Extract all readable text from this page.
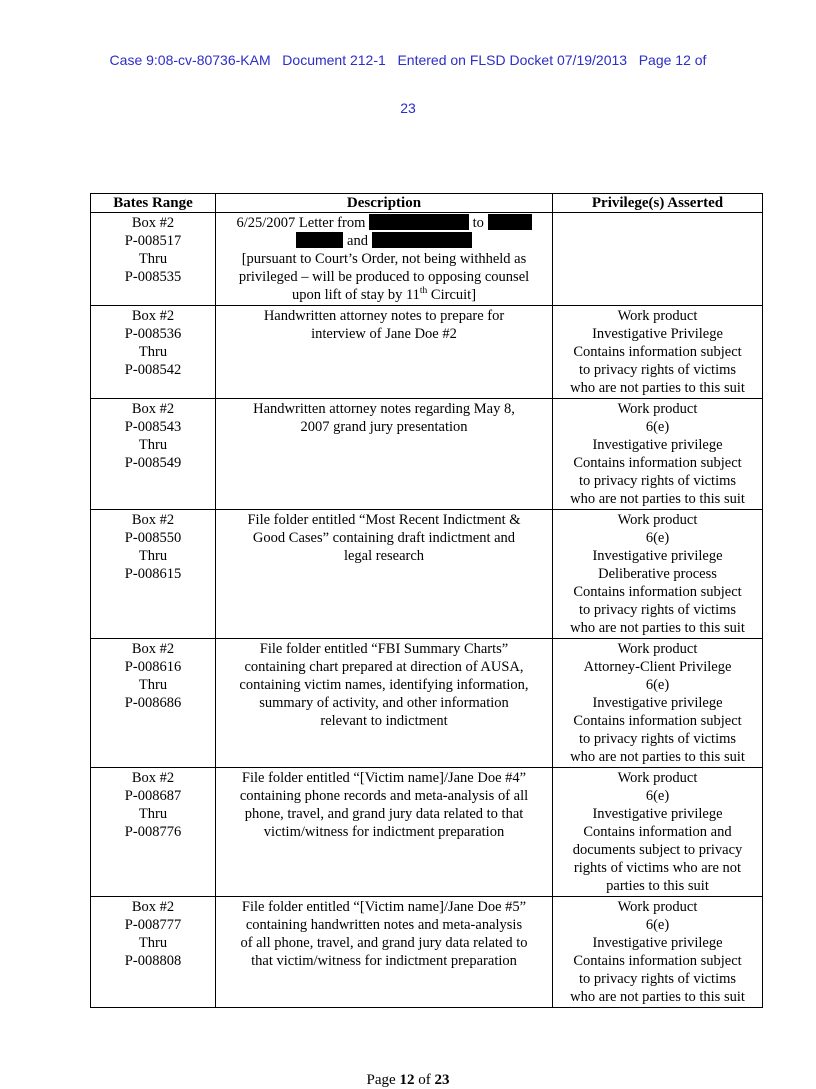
Case 9:08-cv-80736-KAM   Document 212-1   Entered on FLSD Docket 07/19/2013   Page 12 of

23

Bates Range	Description	Privilege(s) Asserted
Box #2
P-008517
Thru
P-008535	6/25/2007 Letter from to
and
[pursuant to Court’s Order, not being withheld as
privileged – will be produced to opposing counsel
upon lift of stay by 11th Circuit]	
Box #2
P-008536
Thru
P-008542	Handwritten attorney notes to prepare for
interview of Jane Doe #2	Work product
Investigative Privilege
Contains information subject
to privacy rights of victims
who are not parties to this suit
Box #2
P-008543
Thru
P-008549	Handwritten attorney notes regarding May 8,
2007 grand jury presentation	Work product
6(e)
Investigative privilege
Contains information subject
to privacy rights of victims
who are not parties to this suit
Box #2
P-008550
Thru
P-008615	File folder entitled “Most Recent Indictment &
Good Cases” containing draft indictment and
legal research	Work product
6(e)
Investigative privilege
Deliberative process
Contains information subject
to privacy rights of victims
who are not parties to this suit
Box #2
P-008616
Thru
P-008686	File folder entitled “FBI Summary Charts”
containing chart prepared at direction of AUSA,
containing victim names, identifying information,
summary of activity, and other information
relevant to indictment	Work product
Attorney-Client Privilege
6(e)
Investigative privilege
Contains information subject
to privacy rights of victims
who are not parties to this suit
Box #2
P-008687
Thru
P-008776	File folder entitled “[Victim name]/Jane Doe #4”
containing phone records and meta-analysis of all
phone, travel, and grand jury data related to that
victim/witness for indictment preparation	Work product
6(e)
Investigative privilege
Contains information and
documents subject to privacy
rights of victims who are not
parties to this suit
Box #2
P-008777
Thru
P-008808	File folder entitled “[Victim name]/Jane Doe #5”
containing handwritten notes and meta-analysis
of all phone, travel, and grand jury data related to
that victim/witness for indictment preparation	Work product
6(e)
Investigative privilege
Contains information subject
to privacy rights of victims
who are not parties to this suit
Page 12 of 23
